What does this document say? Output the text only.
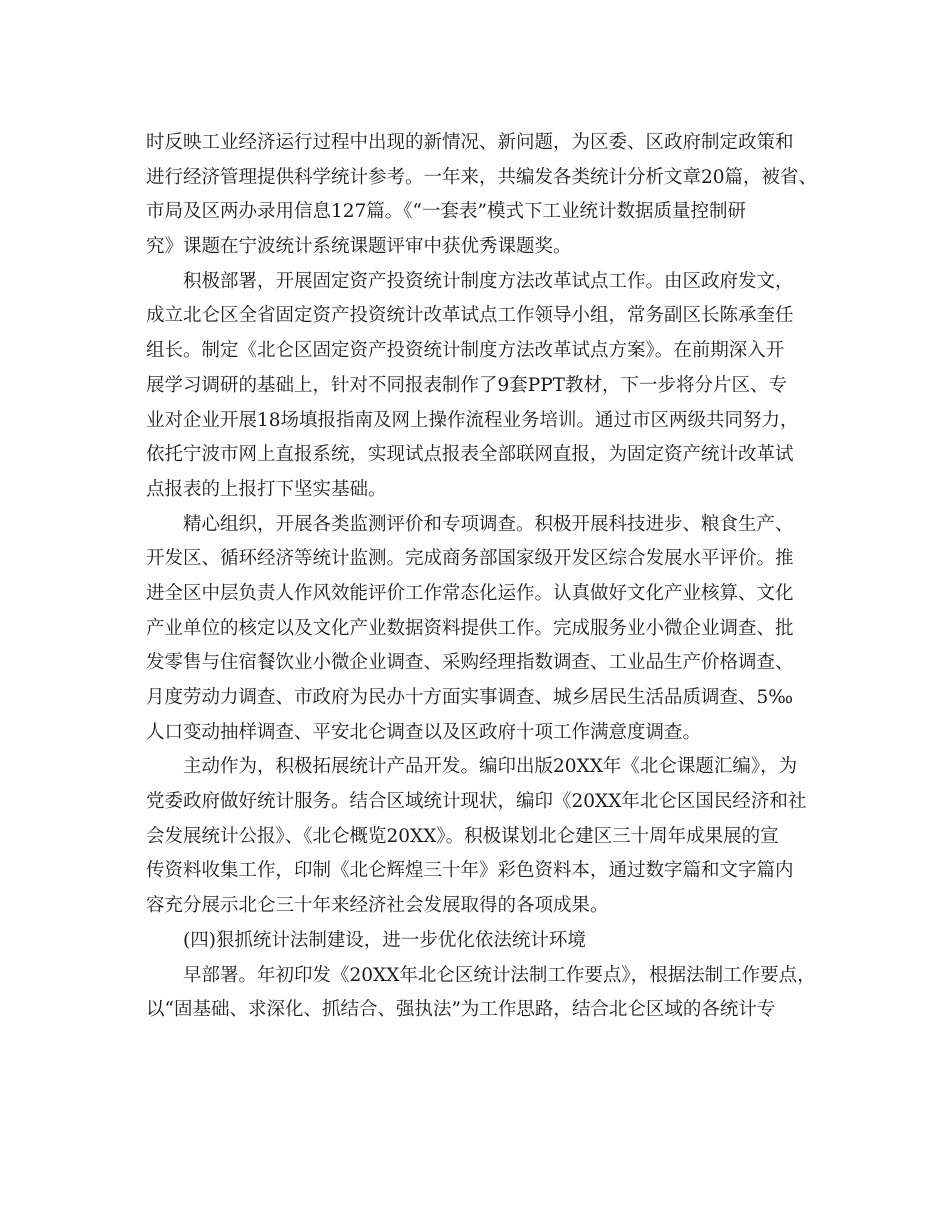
时反映工业经济运行过程中出现的新情况、新问题，为区委、区政府制定政策和
进行经济管理提供科学统计参考。一年来，共编发各类统计分析文章20篇，被省、
市局及区两办录用信息127篇。《“一套表”模式下工业统计数据质量控制研
究》课题在宁波统计系统课题评审中获优秀课题奖。
积极部署，开展固定资产投资统计制度方法改革试点工作。由区政府发文，
成立北仑区全省固定资产投资统计改革试点工作领导小组，常务副区长陈承奎任
组长。制定《北仑区固定资产投资统计制度方法改革试点方案》。在前期深入开
展学习调研的基础上，针对不同报表制作了9套PPT教材，下一步将分片区、专
业对企业开展18场填报指南及网上操作流程业务培训。通过市区两级共同努力，
依托宁波市网上直报系统，实现试点报表全部联网直报，为固定资产统计改革试
点报表的上报打下坚实基础。
精心组织，开展各类监测评价和专项调查。积极开展科技进步、粮食生产、
开发区、循环经济等统计监测。完成商务部国家级开发区综合发展水平评价。推
进全区中层负责人作风效能评价工作常态化运作。认真做好文化产业核算、文化
产业单位的核定以及文化产业数据资料提供工作。完成服务业小微企业调查、批
发零售与住宿餐饮业小微企业调查、采购经理指数调查、工业品生产价格调查、
月度劳动力调查、市政府为民办十方面实事调查、城乡居民生活品质调查、5‰
人口变动抽样调查、平安北仑调查以及区政府十项工作满意度调查。
主动作为，积极拓展统计产品开发。编印出版20XX年《北仑课题汇编》，为
党委政府做好统计服务。结合区域统计现状，编印《20XX年北仑区国民经济和社
会发展统计公报》、《北仑概览20XX》。积极谋划北仑建区三十周年成果展的宣
传资料收集工作，印制《北仑辉煌三十年》彩色资料本，通过数字篇和文字篇内
容充分展示北仑三十年来经济社会发展取得的各项成果。
(四)狠抓统计法制建设，进一步优化依法统计环境
早部署。年初印发《20XX年北仑区统计法制工作要点》，根据法制工作要点，
以“固基础、求深化、抓结合、强执法”为工作思路，结合北仑区域的各统计专
